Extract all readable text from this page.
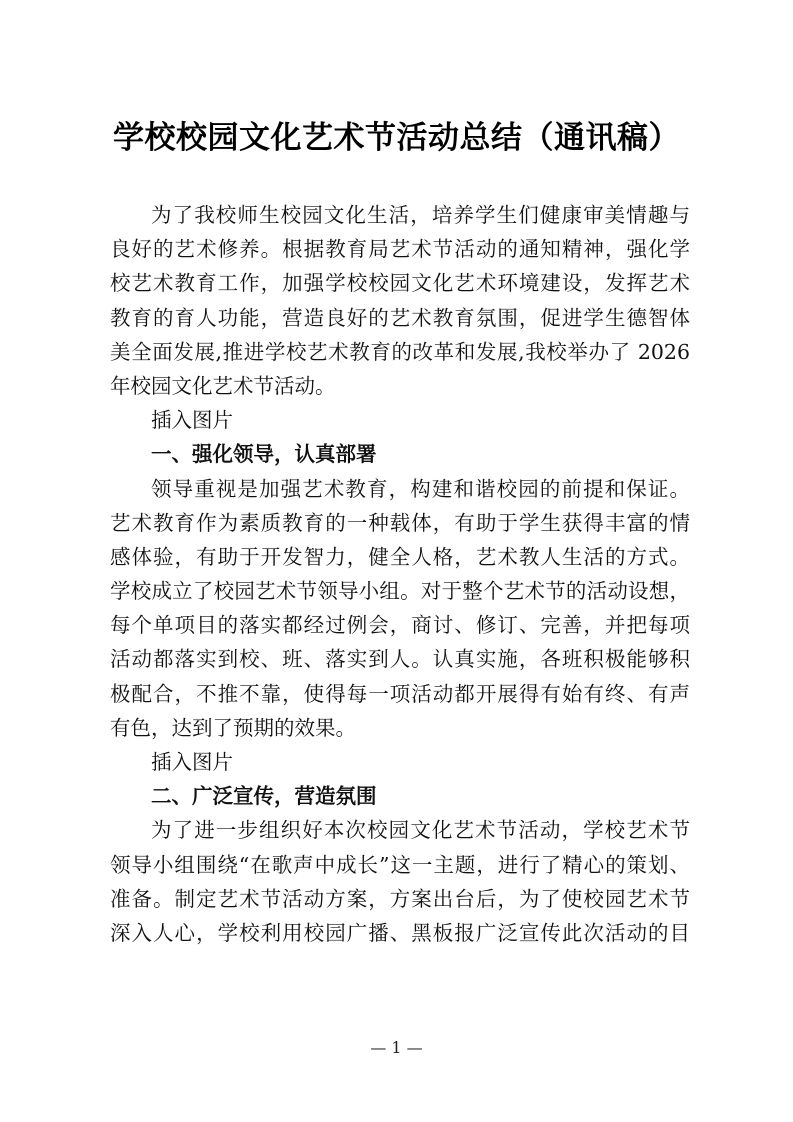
学校校园文化艺术节活动总结（通讯稿）
为了我校师生校园文化生活，培养学生们健康审美情趣与
良好的艺术修养。根据教育局艺术节活动的通知精神，强化学
校艺术教育工作，加强学校校园文化艺术环境建设，发挥艺术
教育的育人功能，营造良好的艺术教育氛围，促进学生德智体
美全面发展,推进学校艺术教育的改革和发展,我校举办了 2026
年校园文化艺术节活动。
插入图片
一、强化领导，认真部署
领导重视是加强艺术教育，构建和谐校园的前提和保证。
艺术教育作为素质教育的一种载体，有助于学生获得丰富的情
感体验，有助于开发智力，健全人格，艺术教人生活的方式。
学校成立了校园艺术节领导小组。对于整个艺术节的活动设想，
每个单项目的落实都经过例会，商讨、修订、完善，并把每项
活动都落实到校、班、落实到人。认真实施，各班积极能够积
极配合，不推不靠，使得每一项活动都开展得有始有终、有声
有色，达到了预期的效果。
插入图片
二、广泛宣传，营造氛围
为了进一步组织好本次校园文化艺术节活动，学校艺术节
领导小组围绕“在歌声中成长”这一主题，进行了精心的策划、
准备。制定艺术节活动方案，方案出台后，为了使校园艺术节
深入人心，学校利用校园广播、黑板报广泛宣传此次活动的目
— 1 —
